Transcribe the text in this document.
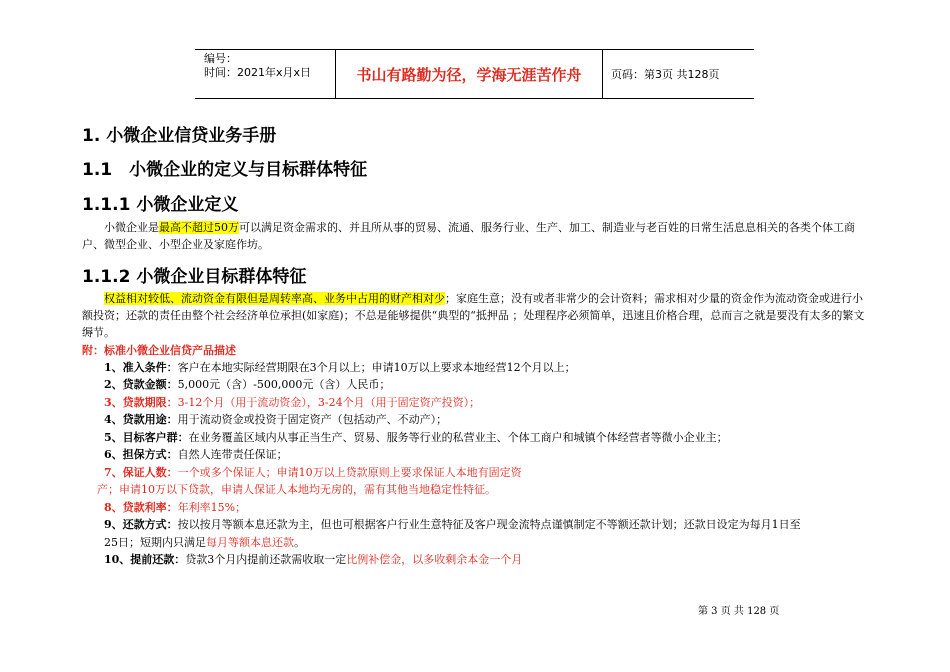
编号：
时间：2021年x月x日	书山有路勤为径，学海无涯苦作舟	页码：第3页 共128页
1. 小微企业信贷业务手册
1.1　小微企业的定义与目标群体特征
1.1.1 小微企业定义
小微企业是最高不超过50万可以满足资金需求的、并且所从事的贸易、流通、服务行业、生产、加工、制造业与老百姓的日常生活息息相关的各类个体工商户、微型企业、小型企业及家庭作坊。
1.1.2 小微企业目标群体特征
权益相对较低、流动资金有限但是周转率高、业务中占用的财产相对少；家庭生意；没有或者非常少的会计资料；需求相对少量的资金作为流动资金或进行小额投资；还款的责任由整个社会经济单位承担(如家庭)；不总是能够提供“典型的“抵押品 ；处理程序必须简单，迅速且价格合理，总而言之就是要没有太多的繁文缛节。
附：标准小微企业信贷产品描述
1、准入条件：客户在本地实际经营期限在3个月以上；申请10万以上要求本地经营12个月以上；
2、贷款金额：5,000元（含）-500,000元（含）人民币；
3、贷款期限：3-12个月（用于流动资金），3-24个月（用于固定资产投资）；
4、贷款用途：用于流动资金或投资于固定资产（包括动产、不动产）；
5、目标客户群：在业务覆盖区域内从事正当生产、贸易、服务等行业的私营业主、个体工商户和城镇个体经营者等微小企业主；
6、担保方式：自然人连带责任保证；
7、保证人数：一个或多个保证人；申请10万以上贷款原则上要求保证人本地有固定资
产；申请10万以下贷款，申请人保证人本地均无房的，需有其他当地稳定性特征。
8、贷款利率：年利率15%；
9、还款方式：按以按月等额本息还款为主，但也可根据客户行业生意特征及客户现金流特点谨慎制定不等额还款计划；还款日设定为每月1日至
25日；短期内只满足每月等额本息还款。
10、提前还款：贷款3个月内提前还款需收取一定比例补偿金，以多收剩余本金一个月
第 3 页 共 128 页
